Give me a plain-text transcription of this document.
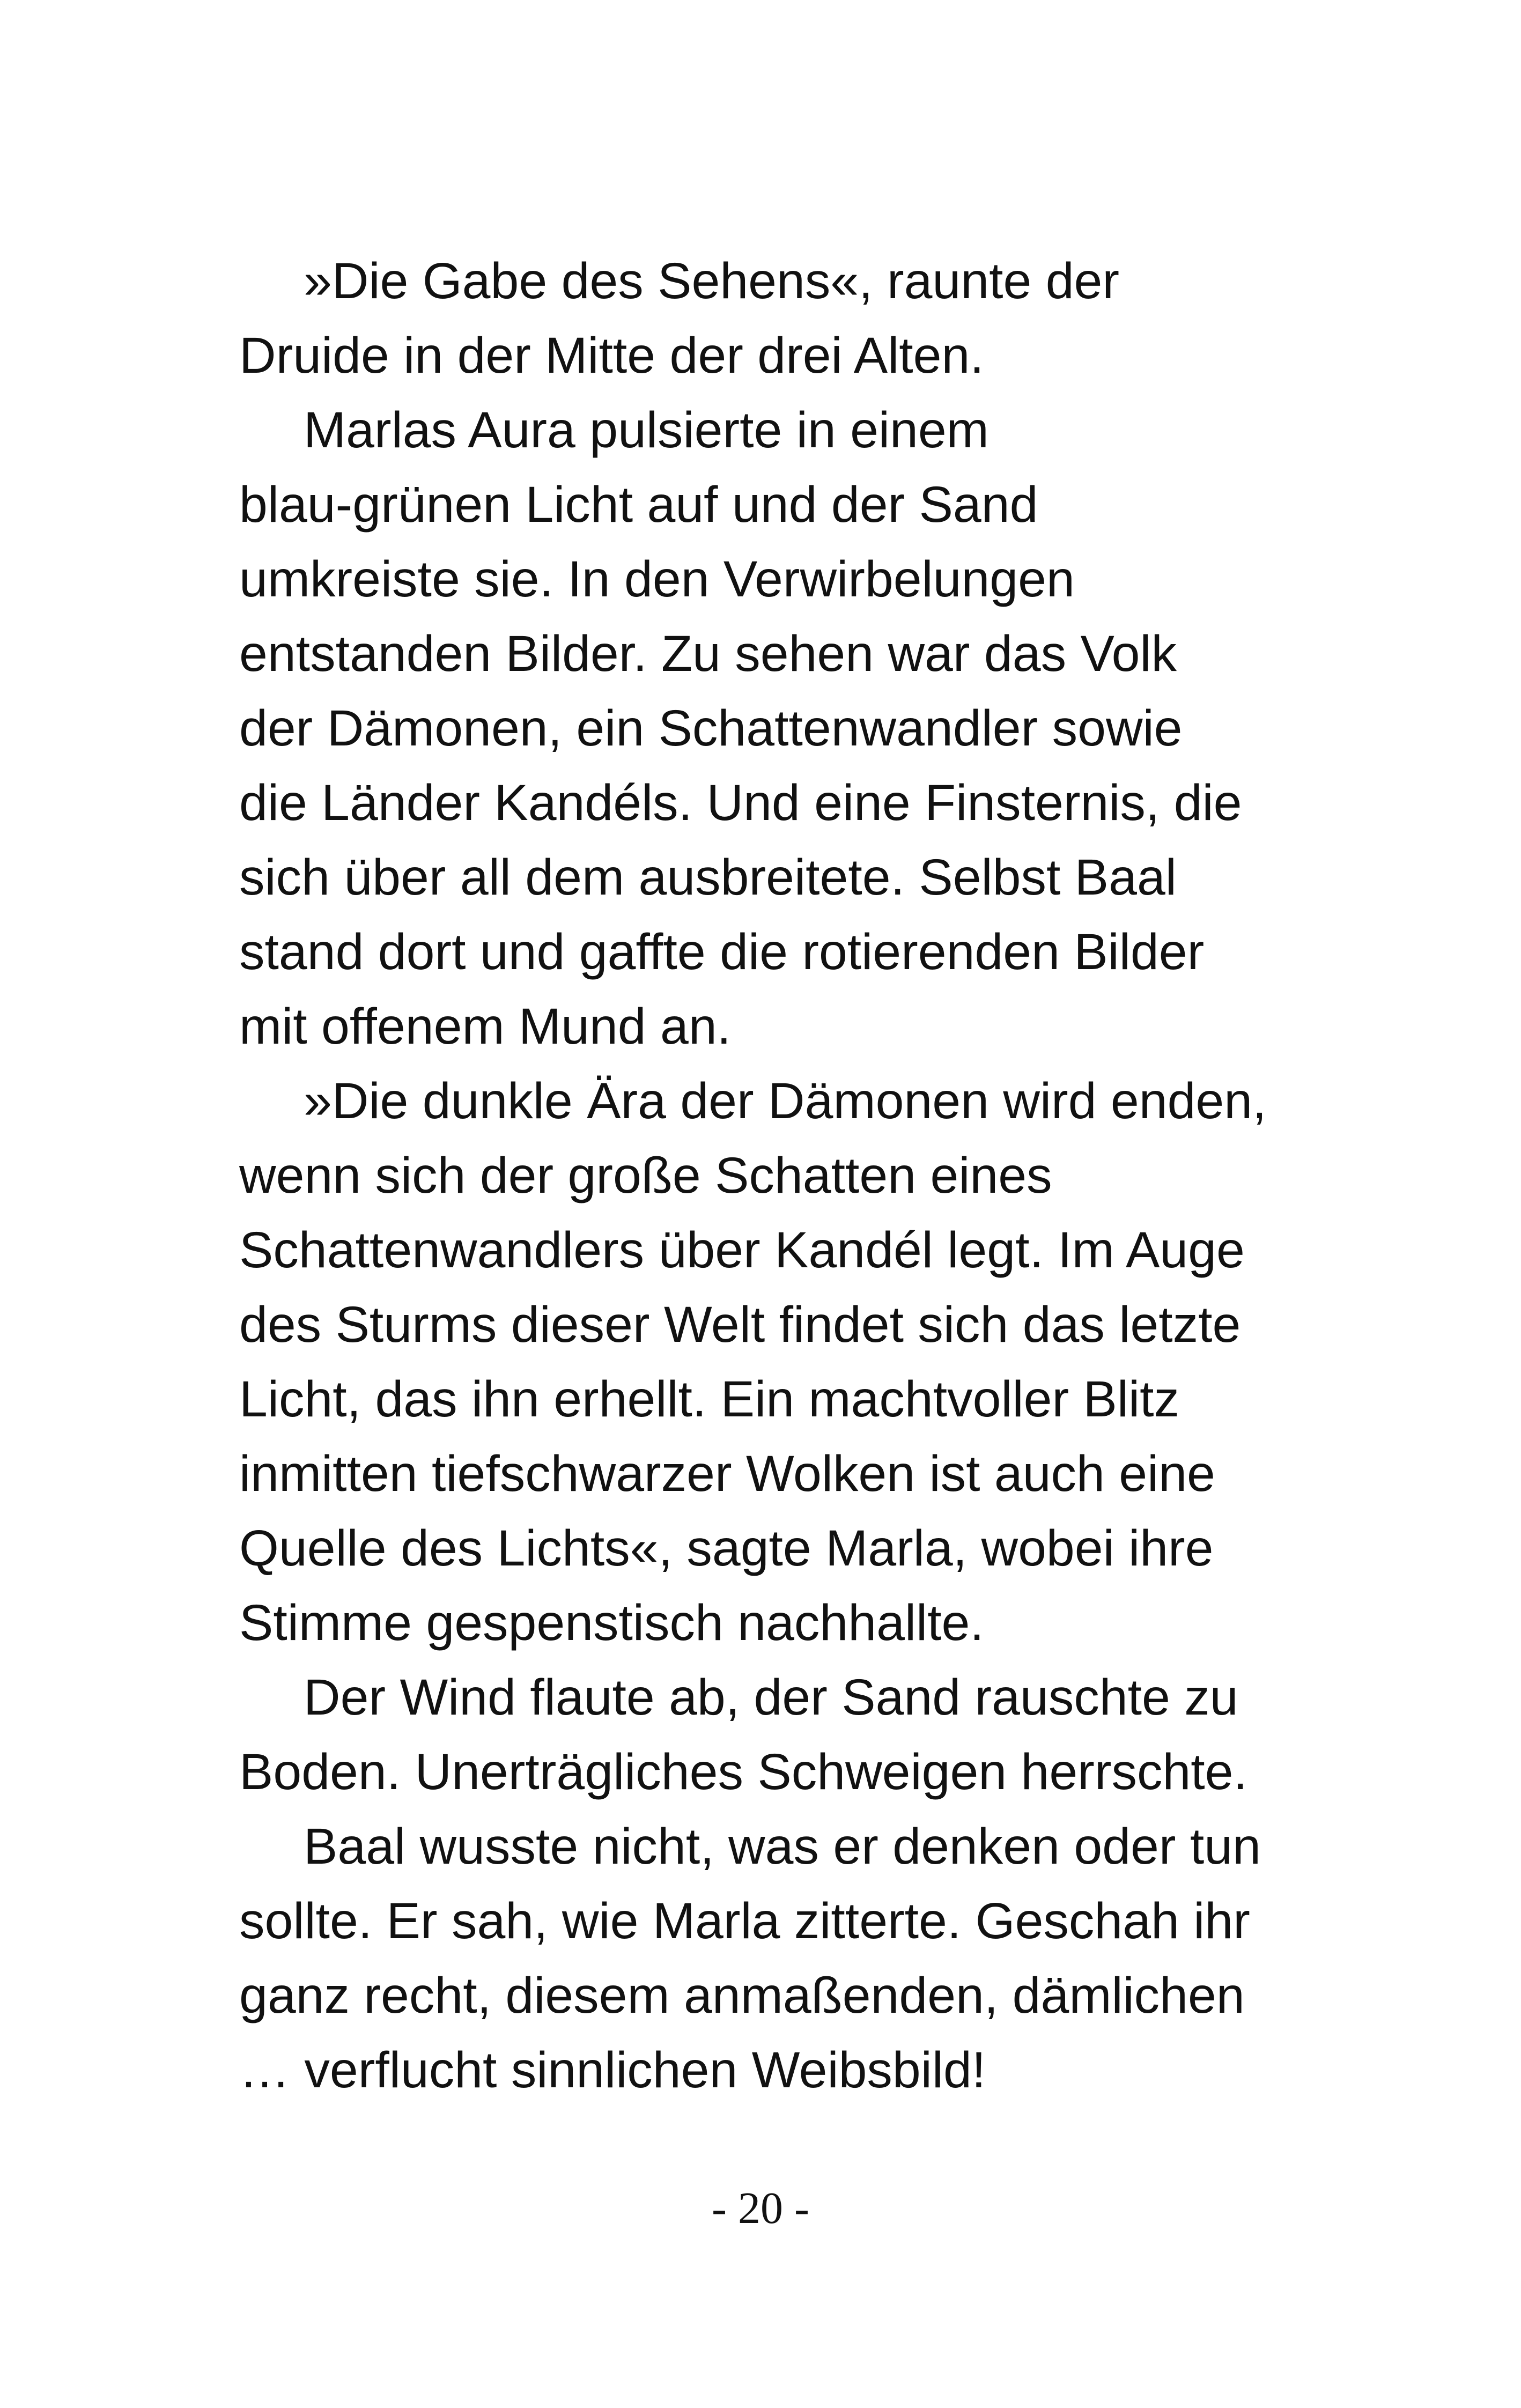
»Die Gabe des Sehens«, raunte der
Druide in der Mitte der drei Alten.
Marlas Aura pulsierte in einem
blau-grünen Licht auf und der Sand
umkreiste sie. In den Verwirbelungen
entstanden Bilder. Zu sehen war das Volk
der Dämonen, ein Schattenwandler sowie
die Länder Kandéls. Und eine Finsternis, die
sich über all dem ausbreitete. Selbst Baal
stand dort und gaffte die rotierenden Bilder
mit offenem Mund an.
»Die dunkle Ära der Dämonen wird enden,
wenn sich der große Schatten eines
Schattenwandlers über Kandél legt. Im Auge
des Sturms dieser Welt findet sich das letzte
Licht, das ihn erhellt. Ein machtvoller Blitz
inmitten tiefschwarzer Wolken ist auch eine
Quelle des Lichts«, sagte Marla, wobei ihre
Stimme gespenstisch nachhallte.
Der Wind flaute ab, der Sand rauschte zu
Boden. Unerträgliches Schweigen herrschte.
Baal wusste nicht, was er denken oder tun
sollte. Er sah, wie Marla zitterte. Geschah ihr
ganz recht, diesem anmaßenden, dämlichen
… verflucht sinnlichen Weibsbild!
- 20 -
